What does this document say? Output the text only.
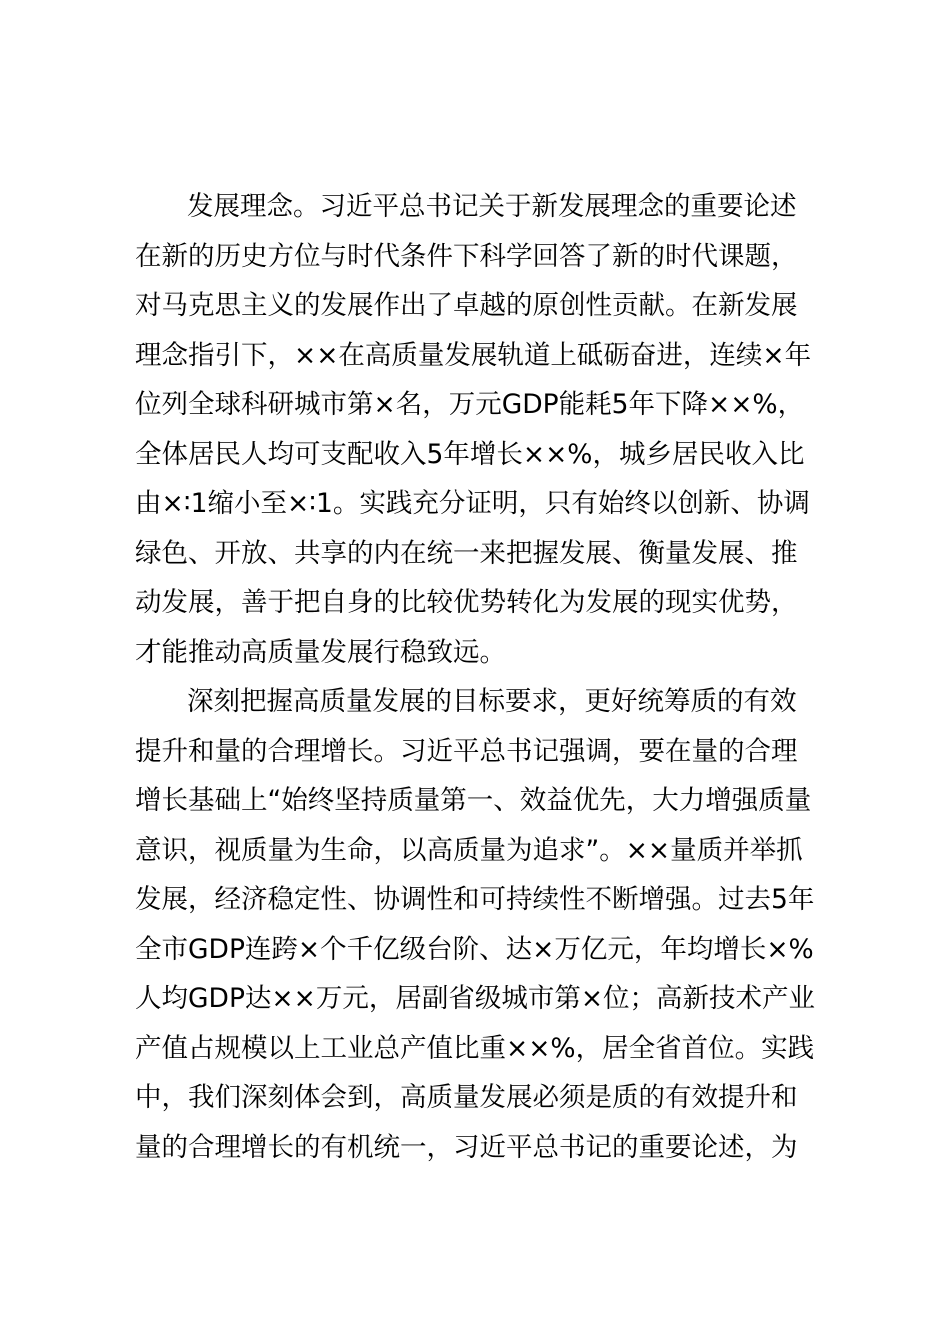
发展理念。习近平总书记关于新发展理念的重要论述
在新的历史方位与时代条件下科学回答了新的时代课题，
对马克思主义的发展作出了卓越的原创性贡献。在新发展
理念指引下，××在高质量发展轨道上砥砺奋进，连续×年
位列全球科研城市第×名，万元GDP能耗5年下降××%，
全体居民人均可支配收入5年增长××%，城乡居民收入比
由×∶1缩小至×∶1。实践充分证明，只有始终以创新、协调
绿色、开放、共享的内在统一来把握发展、衡量发展、推
动发展，善于把自身的比较优势转化为发展的现实优势，
才能推动高质量发展行稳致远。
深刻把握高质量发展的目标要求，更好统筹质的有效
提升和量的合理增长。习近平总书记强调，要在量的合理
增长基础上“始终坚持质量第一、效益优先，大力增强质量
意识，视质量为生命，以高质量为追求”。××量质并举抓
发展，经济稳定性、协调性和可持续性不断增强。过去5年
全市GDP连跨×个千亿级台阶、达×万亿元，年均增长×%
人均GDP达××万元，居副省级城市第×位；高新技术产业
产值占规模以上工业总产值比重××%，居全省首位。实践
中，我们深刻体会到，高质量发展必须是质的有效提升和
量的合理增长的有机统一，习近平总书记的重要论述，为
